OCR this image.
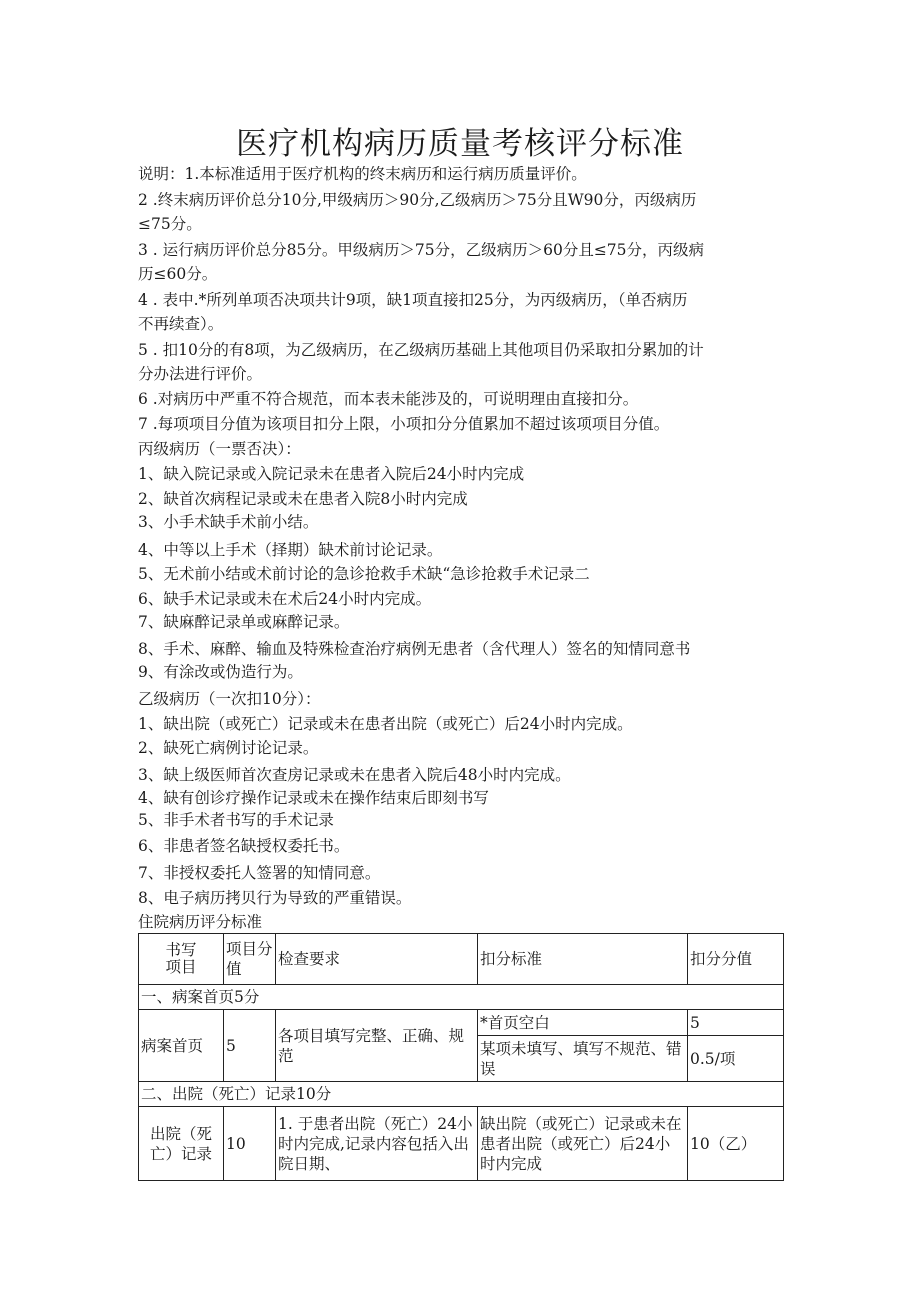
医疗机构病历质量考核评分标准
说明：1.本标准适用于医疗机构的终末病历和运行病历质量评价。
2 .终末病历评价总分10分,甲级病历＞90分,乙级病历＞75分且W90分，丙级病历
≤75分。
3 . 运行病历评价总分85分。甲级病历＞75分，乙级病历＞60分且≤75分，丙级病
历≤60分。
4 . 表中.*所列单项否决项共计9项，缺1项直接扣25分，为丙级病历，（单否病历
不再续查）。
5 . 扣10分的有8项，为乙级病历，在乙级病历基础上其他项目仍采取扣分累加的计
分办法进行评价。
6 .对病历中严重不符合规范，而本表未能涉及的，可说明理由直接扣分。
7 .每项项目分值为该项目扣分上限，小项扣分分值累加不超过该项项目分值。
丙级病历（一票否决）：
1、缺入院记录或入院记录未在患者入院后24小时内完成
2、缺首次病程记录或未在患者入院8小时内完成
3、小手术缺手术前小结。
4、中等以上手术（择期）缺术前讨论记录。
5、无术前小结或术前讨论的急诊抢救手术缺“急诊抢救手术记录二
6、缺手术记录或未在术后24小时内完成。
7、缺麻醉记录单或麻醉记录。
8、手术、麻醉、输血及特殊检查治疗病例无患者（含代理人）签名的知情同意书
9、有涂改或伪造行为。
乙级病历（一次扣10分）：
1、缺出院（或死亡）记录或未在患者出院（或死亡）后24小时内完成。
2、缺死亡病例讨论记录。
3、缺上级医师首次查房记录或未在患者入院后48小时内完成。
4、缺有创诊疗操作记录或未在操作结束后即刻书写
5、非手术者书写的手术记录
6、非患者签名缺授权委托书。
7、非授权委托人签署的知情同意。
8、电子病历拷贝行为导致的严重错误。
住院病历评分标准
书写
项目	项目分值	检查要求	扣分标准	扣分分值
一、病案首页5分				
病案首页	5	各项目填写完整、正确、规范	*首页空白	5

			某项未填写、填写不规范、错误	0.5/项
二、出院（死亡）记录10分				
出院（死亡）记录	10	1. 于患者出院（死亡）24小时内完成,记录内容包括入出院日期、	缺出院（或死亡）记录或未在患者出院（或死亡）后24小时内完成	10（乙）
